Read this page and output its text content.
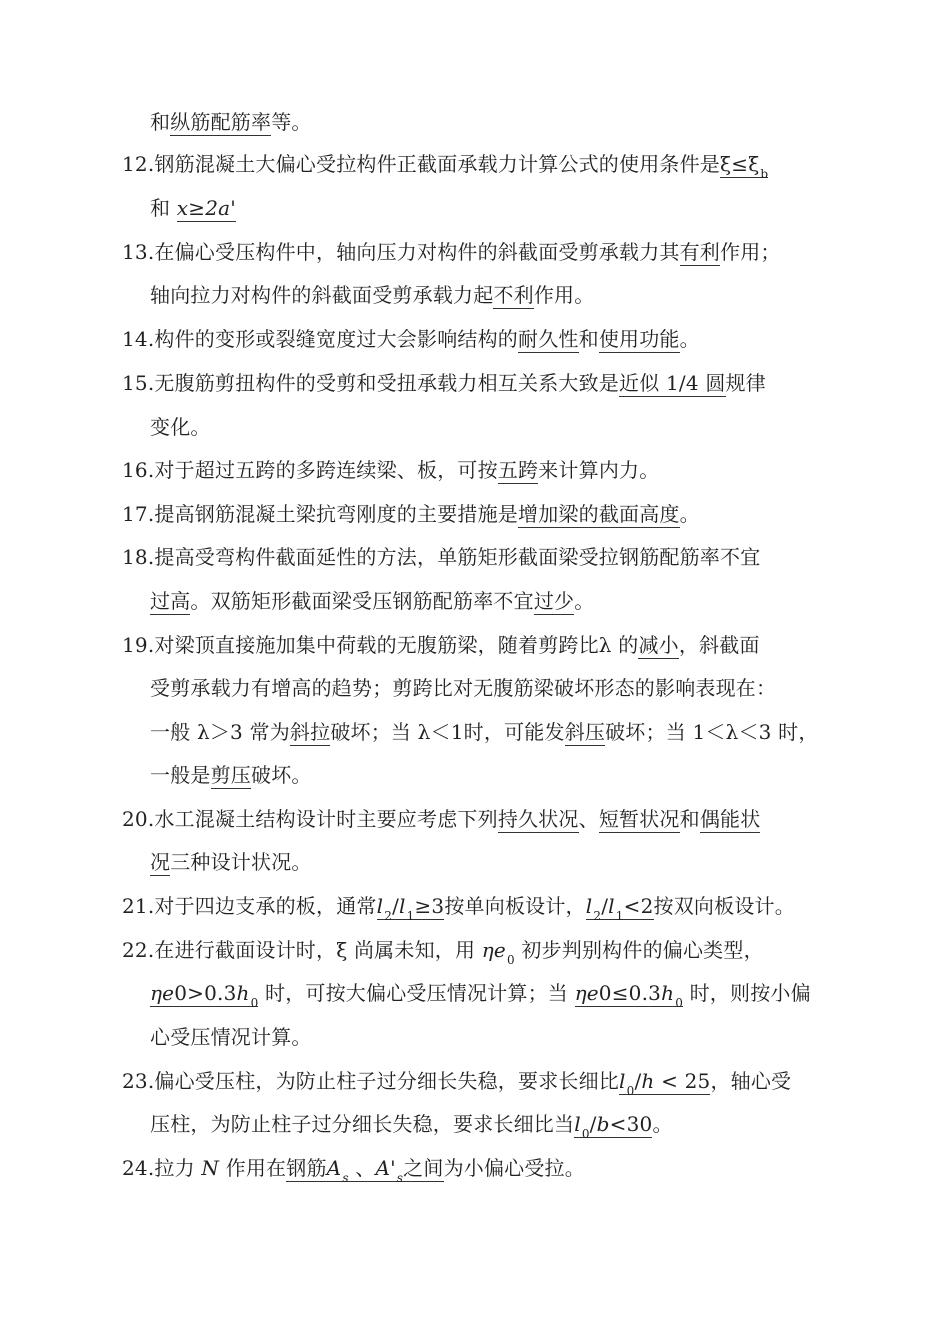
和纵筋配筋率等。
12.钢筋混凝土大偏心受拉构件正截面承载力计算公式的使用条件是$\xi\le\xi_b$
和 x≥2a'
13.在偏心受压构件中，轴向压力对构件的斜截面受剪承载力其有利作用；
轴向拉力对构件的斜截面受剪承载力起不利作用。
14.构件的变形或裂缝宽度过大会影响结构的耐久性和使用功能。
15.无腹筋剪扭构件的受剪和受扭承载力相互关系大致是近似 1/4 圆规律
变化。
16.对于超过五跨的多跨连续梁、板，可按五跨来计算内力。
17.提高钢筋混凝土梁抗弯刚度的主要措施是增加梁的截面高度。
18.提高受弯构件截面延性的方法，单筋矩形截面梁受拉钢筋配筋率不宜
过高。双筋矩形截面梁受压钢筋配筋率不宜过少。
19.对梁顶直接施加集中荷载的无腹筋梁，随着剪跨比λ 的减小，斜截面
受剪承载力有增高的趋势；剪跨比对无腹筋梁破坏形态的影响表现在：
一般 λ＞3 常为斜拉破坏；当 λ＜1时，可能发斜压破坏；当 1＜λ＜3 时，
一般是剪压破坏。
20.水工混凝土结构设计时主要应考虑下列持久状况、短暂状况和偶能状
况三种设计状况。
21.对于四边支承的板，通常$l_2/l_1\ge 3$按单向板设计，$l_2/l_1<2$按双向板设计。
22.在进行截面设计时，ξ 尚属未知，用 $\eta e_0$ 初步判别构件的偏心类型，
$\eta e0>0.3h_0$ 时，可按大偏心受压情况计算；当 $\eta e0\le 0.3h_0$ 时，则按小偏
心受压情况计算。
23.偏心受压柱，为防止柱子过分细长失稳，要求长细比$l_0/h < 25$，轴心受
压柱，为防止柱子过分细长失稳，要求长细比当$l_0/b<30$。
24.拉力 N 作用在钢筋$A_s$ 、$A'_s$之间为小偏心受拉。
